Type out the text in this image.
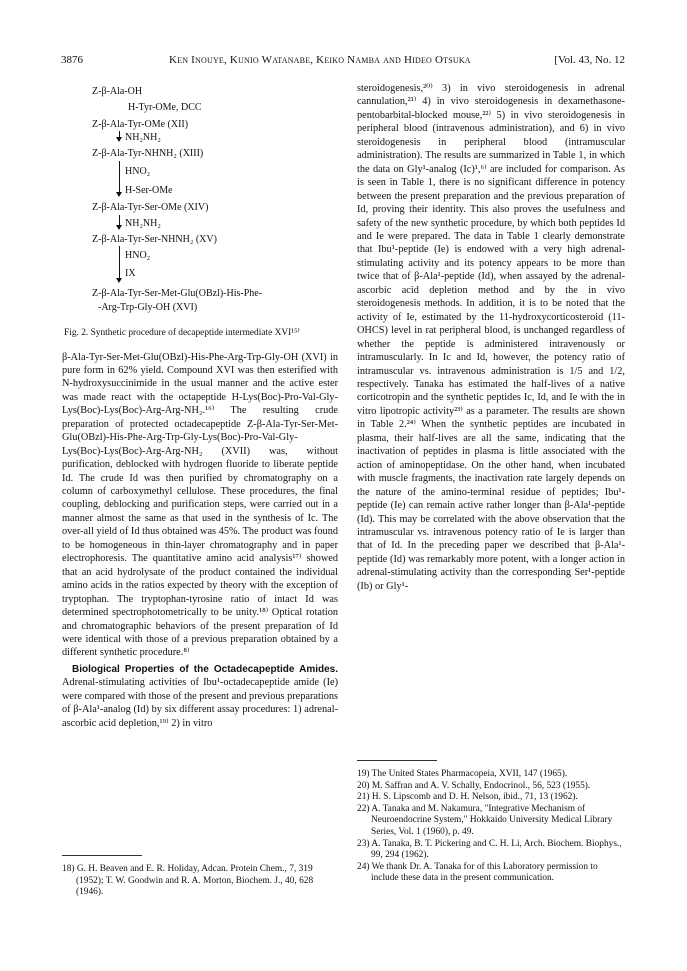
3876	Ken Inouye, Kunio Watanabe, Keiko Namba and Hideo Otsuka	[Vol. 43, No. 12
Z-β-Ala-OH
H-Tyr-OMe, DCC
Z-β-Ala-Tyr-OMe (XII)
NH₂NH₂
Z-β-Ala-Tyr-NHNH₂ (XIII)
HNO₂
H-Ser-OMe
Z-β-Ala-Tyr-Ser-OMe (XIV)
NH₂NH₂
Z-β-Ala-Tyr-Ser-NHNH₂ (XV)
HNO₂
IX
Z-β-Ala-Tyr-Ser-Met-Glu(OBzl)-His-Phe-
-Arg-Trp-Gly-OH (XVI)

Fig. 2. Synthetic procedure of decapeptide intermediate XVI¹⁵⁾

β-Ala-Tyr-Ser-Met-Glu(OBzl)-His-Phe-Arg-Trp-Gly-OH (XVI) in pure form in 62% yield. Compound XVI was then esterified with N-hydroxysuccinimide in the usual manner and the active ester was made react with the octapeptide H-Lys(Boc)-Pro-Val-Gly-Lys(Boc)-Lys(Boc)-Arg-Arg-NH₂.¹⁶⁾ The resulting crude preparation of protected octadecapeptide Z-β-Ala-Tyr-Ser-Met-Glu(OBzl)-His-Phe-Arg-Trp-Gly-Lys(Boc)-Pro-Val-Gly-Lys(Boc)-Lys(Boc)-Arg-Arg-NH₂ (XVII) was, without purification, deblocked with hydrogen fluoride to liberate peptide Id. The crude Id was then purified by chromatography on a column of carboxymethyl cellulose. These procedures, the final coupling, deblocking and purification steps, were carried out in a manner almost the same as that used in the synthesis of Ic. The over-all yield of Id thus obtained was 45%. The product was found to be homogeneous in thin-layer chromatography and in paper electrophoresis. The quantitative amino acid analysis¹⁷⁾ showed that an acid hydrolysate of the product contained the individual amino acids in the ratios expected by theory with the exception of tryptophan. The tryptophan-tyrosine ratio of intact Id was determined spectrophotometrically to be unity.¹⁸⁾ Optical rotation and chromatographic behaviors of the present preparation of Id were identical with those of a previous preparation obtained by a different synthetic procedure.⁸⁾

Biological Properties of the Octadecapeptide Amides. Adrenal-stimulating activities of Ibu¹-octadecapeptide amide (Ie) were compared with those of the present and previous preparations of β-Ala¹-analog (Id) by six different assay procedures: 1) adrenal-ascorbic acid depletion,¹⁹⁾ 2) in vitro

18) G. H. Beaven and E. R. Holiday, Adcan. Protein Chem., 7, 319 (1952); T. W. Goodwin and R. A. Morton, Biochem. J., 40, 628 (1946).

steroidogenesis,²⁰⁾ 3) in vivo steroidogenesis in adrenal cannulation,²¹⁾ 4) in vivo steroidogenesis in dexamethasone-pentobarbital-blocked mouse,²²⁾ 5) in vivo steroidogenesis in peripheral blood (intravenous administration), and 6) in vivo steroidogenesis in peripheral blood (intramuscular administration). The results are summarized in Table 1, in which the data on Gly¹-analog (Ic)¹,⁶⁾ are included for comparison. As is seen in Table 1, there is no significant difference in potency between the present preparation and the previous preparation of Id, proving their identity. This also proves the usefulness and safety of the new synthetic procedure, by which both peptides Id and Ie were prepared. The data in Table 1 clearly demonstrate that Ibu¹-peptide (Ie) is endowed with a very high adrenal-stimulating activity and its potency appears to be more than twice that of β-Ala¹-peptide (Id), when assayed by the adrenal-ascorbic acid depletion method and by the in vivo steroidogenesis methods. In addition, it is to be noted that the activity of Ie, estimated by the 11-hydroxycorticosteroid (11-OHCS) level in rat peripheral blood, is unchanged regardless of whether the peptide is administered intravenously or intramuscularly. In Ic and Id, however, the potency ratio of intramuscular vs. intravenous administration is 1/5 and 1/2, respectively. Tanaka has estimated the half-lives of a native corticotropin and the synthetic peptides Ic, Id, and Ie with the in vitro lipotropic activity²³⁾ as a parameter. The results are shown in Table 2.²⁴⁾ When the synthetic peptides are incubated in plasma, their half-lives are all the same, indicating that the inactivation of peptides in plasma is little associated with the action of aminopeptidase. On the other hand, when incubated with muscle fragments, the inactivation rate largely depends on the nature of the amino-terminal residue of peptides; Ibu¹-peptide (Ie) can remain active rather longer than β-Ala¹-peptide (Id). This may be correlated with the above observation that the intramuscular vs. intravenous potency ratio of Ie is larger than that of Id. In the preceding paper we described that β-Ala¹-peptide (Id) was remarkably more potent, with a longer action in adrenal-stimulating activity than the corresponding Ser¹-peptide (Ib) or Gly¹-

19) The United States Pharmacopeia, XVII, 147 (1965).

20) M. Saffran and A. V. Schally, Endocrinol., 56, 523 (1955).

21) H. S. Lipscomb and D. H. Nelson, ibid., 71, 13 (1962).

22) A. Tanaka and M. Nakamura, "Integrative Mechanism of Neuroendocrine System," Hokkaido University Medical Library Series, Vol. 1 (1960), p. 49.

23) A. Tanaka, B. T. Pickering and C. H. Li, Arch. Biochem. Biophys., 99, 294 (1962).

24) We thank Dr. A. Tanaka for of this Laboratory permission to include these data in the present communication.
